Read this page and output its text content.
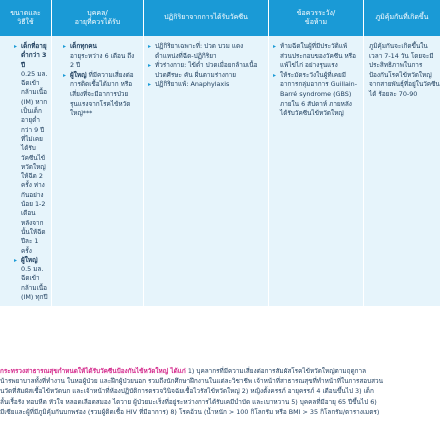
ขนาดและ
วิธีใช้
บุคคล/
อายุที่ควรได้รับ
ปฏิกิริยาจากการได้รับวัคซีน
ข้อควรระวัง/
ข้อห้าม
ภูมิคุ้มกันที่เกิดขึ้น
▸ เด็กที่อายุต่ำกว่า 3 ปี
0.25 มล. ฉีดเข้ากล้ามเนื้อ (IM) หากเป็นเด็กอายุต่ำกว่า 9 ปี ที่ไม่เคยได้รับวัคซีนไข้หวัดใหญ่ ให้ฉีด 2 ครั้ง ห่างกันอย่างน้อย 1-2 เดือน หลังจากนั้นให้ฉีดปีละ 1 ครั้ง
▸ ผู้ใหญ่
0.5 มล. ฉีดเข้ากล้ามเนื้อ (IM) ทุกปี
▸ เด็กทุกคน
อายุระหว่าง 6 เดือน ถึง 2 ปี
▸ ผู้ใหญ่ ที่มีความเสี่ยงต่อการติดเชื้อได้มาก หรือเสี่ยงที่จะมีอาการป่วยรุนแรงจากโรคไข้หวัดใหญ่***
▸ ปฏิกิริยาเฉพาะที่: ปวด บวม แดง ตำแหน่งที่ฉีด-ปฏิกิริยา
▸ ทั่วร่างกาย: ไข้ต่ำ ปวดเมื่อยกล้ามเนื้อ ปวดศีรษะ คัน ผื่นตามร่างกาย
▸ ปฏิกิริยาแพ้: Anaphylaxis
▸ ห้ามฉีดในผู้ที่มีประวัติแพ้ส่วนประกอบของวัคซีน หรือแพ้ไข่ไก่ อย่างรุนแรง
▸ ให้ระมัดระวังในผู้ที่เคยมีอาการกลุ่มอาการ Guillain-Barré syndrome (GBS) ภายใน 6 สัปดาห์ ภายหลังได้รับวัคซีนไข้หวัดใหญ่
ภูมิคุ้มกันจะเกิดขึ้นในเวลา 7-14 วัน โดยจะมีประสิทธิภาพในการป้องกันโรคไข้หวัดใหญ่จากสายพันธุ์ที่อยู่ในวัคซีนได้ ร้อยละ 70-90
กระทรวงสาธารณสุขกำหนดให้ได้รับวัคซีนป้องกันไข้หวัดใหญ่ ได้แก่ 1) บุคลากรที่มีความเสี่ยงต่อการสัมผัสโรคไข้หวัดใหญ่ตามฤดูกาล
น้ารพยาบาลทั้งที่ทำงาน ในหอผู้ป่วย และฝึกผู้ป่วยนอก รวมถึงนักศึกษาฝึกงานในแต่ละวิชาชีพ เจ้าหน้าที่สาธารณสุขที่ทำหน้าที่ในการสอบสวน
นวัดที่สัมผัสเชื้อไข้หวัดนก และเจ้าหน้าที่ห้องปฏิบัติการตรวจวินิจฉัยเชื้อไวรัสไข้หวัดใหญ่ 2) หญิงตั้งครรภ์ อายุครรภ์ 4 เดือนขึ้นไป 3) เด็ก
ลั้นเรื้อรัง ทอบหืด หัวใจ หลอดเลือดสมอง ไตวาย ผู้ป่วยมะเร็งที่อยู่ระหว่างการได้รับเคมีบำบัด และเบาหวาน 5) บุคคลที่มีอายุ 65 ปีขึ้นไป 6)
มีเซียและผู้ที่มีภูมิคุ้มกันบกพร่อง (รวมผู้ติดเชื้อ HIV ที่มีอาการ) 8) โรคอ้วน (น้ำหนัก > 100 กิโลกรัม หรือ BMI > 35 กิโลกรัม/ตารางเมตร)
